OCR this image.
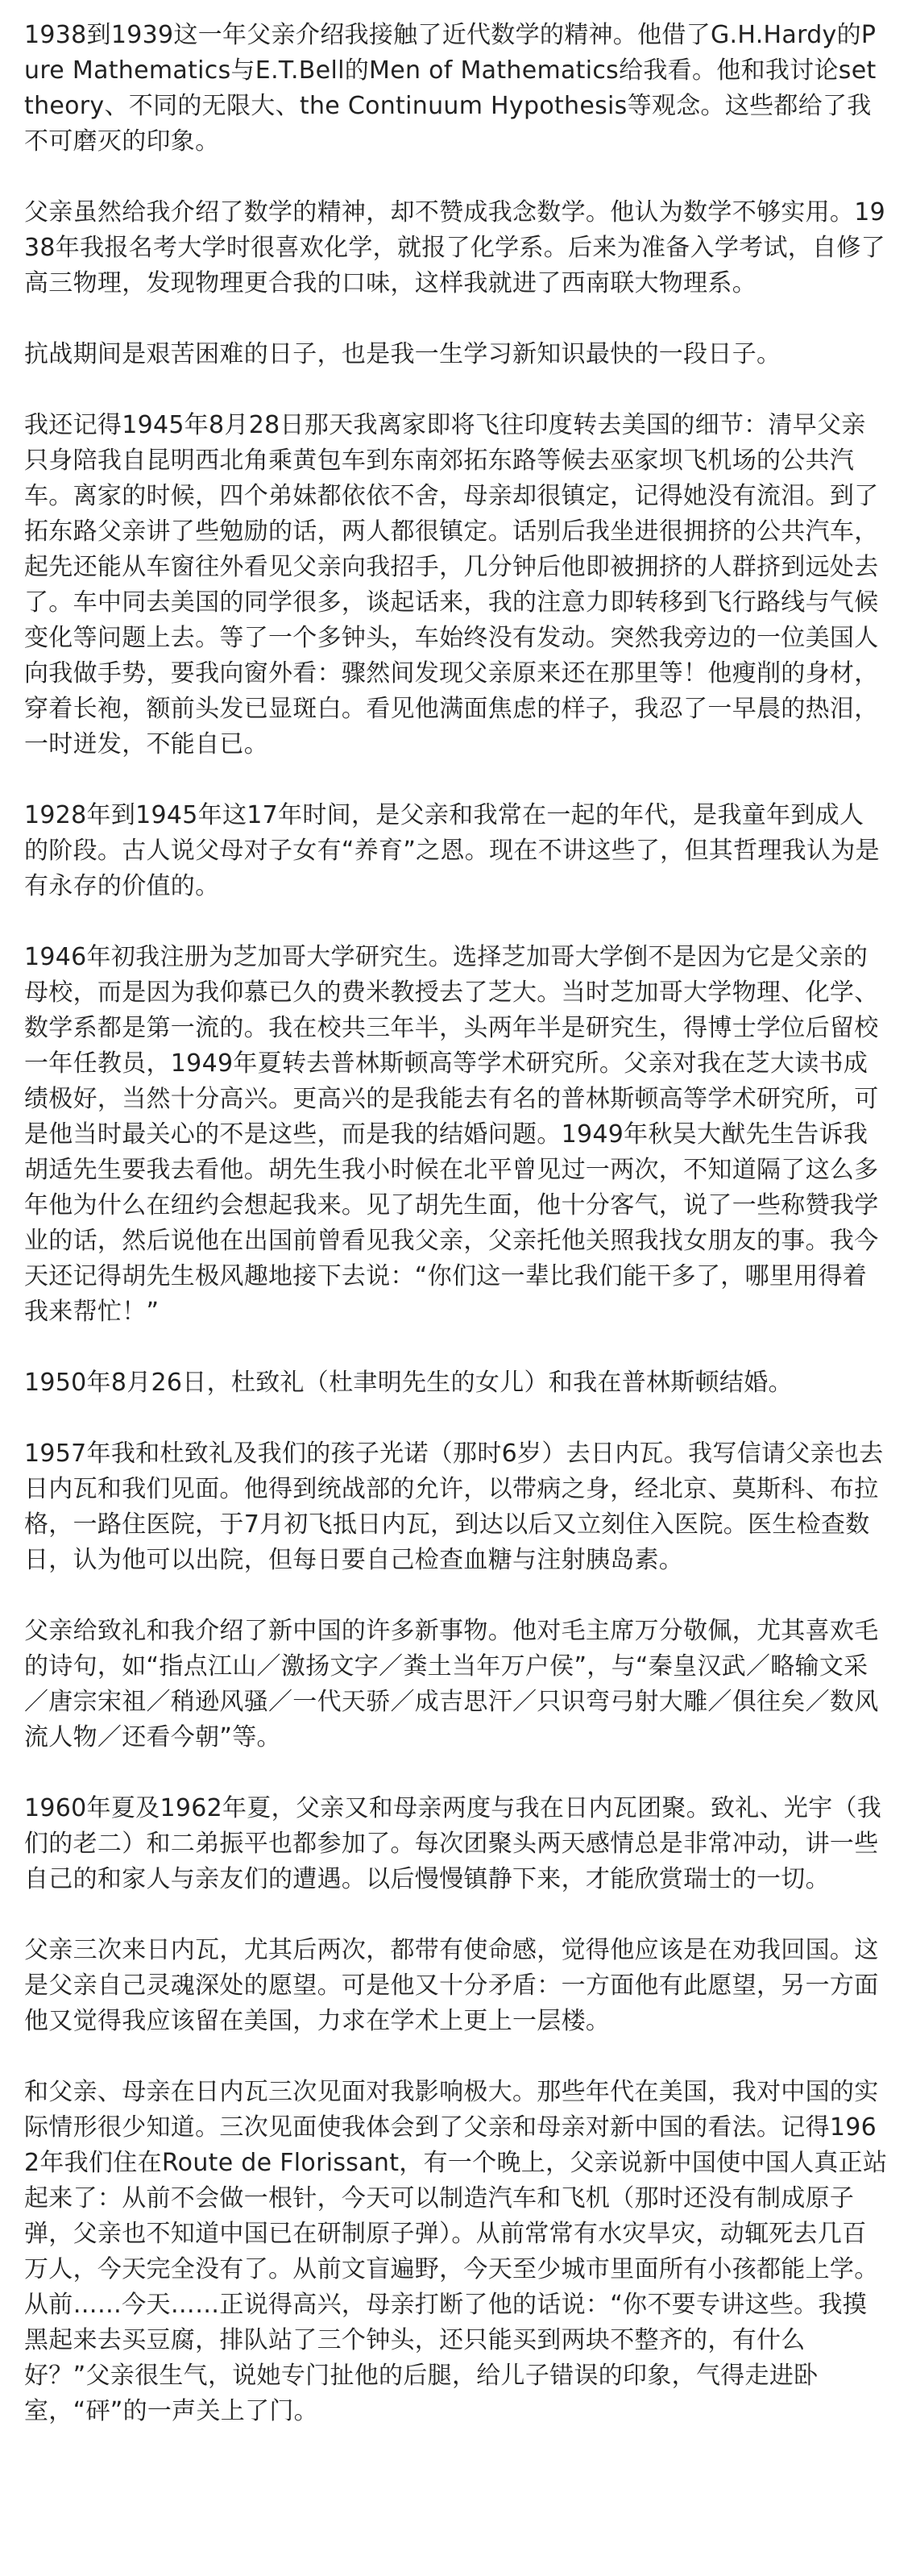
1938到1939这一年父亲介绍我接触了近代数学的精神。他借了G.H.Hardy的Pure Mathematics与E.T.Bell的Men of Mathematics给我看。他和我讨论set theory、不同的无限大、the Continuum Hypothesis等观念。这些都给了我不可磨灭的印象。

父亲虽然给我介绍了数学的精神，却不赞成我念数学。他认为数学不够实用。1938年我报名考大学时很喜欢化学，就报了化学系。后来为准备入学考试，自修了高三物理，发现物理更合我的口味，这样我就进了西南联大物理系。

抗战期间是艰苦困难的日子，也是我一生学习新知识最快的一段日子。

我还记得1945年8月28日那天我离家即将飞往印度转去美国的细节：清早父亲只身陪我自昆明西北角乘黄包车到东南郊拓东路等候去巫家坝飞机场的公共汽车。离家的时候，四个弟妹都依依不舍，母亲却很镇定，记得她没有流泪。到了拓东路父亲讲了些勉励的话，两人都很镇定。话别后我坐进很拥挤的公共汽车，起先还能从车窗往外看见父亲向我招手，几分钟后他即被拥挤的人群挤到远处去了。车中同去美国的同学很多，谈起话来，我的注意力即转移到飞行路线与气候变化等问题上去。等了一个多钟头，车始终没有发动。突然我旁边的一位美国人向我做手势，要我向窗外看：骤然间发现父亲原来还在那里等！他瘦削的身材，穿着长袍，额前头发已显斑白。看见他满面焦虑的样子，我忍了一早晨的热泪，一时迸发，不能自已。

1928年到1945年这17年时间，是父亲和我常在一起的年代，是我童年到成人的阶段。古人说父母对子女有“养育”之恩。现在不讲这些了，但其哲理我认为是有永存的价值的。

1946年初我注册为芝加哥大学研究生。选择芝加哥大学倒不是因为它是父亲的母校，而是因为我仰慕已久的费米教授去了芝大。当时芝加哥大学物理、化学、数学系都是第一流的。我在校共三年半，头两年半是研究生，得博士学位后留校一年任教员，1949年夏转去普林斯顿高等学术研究所。父亲对我在芝大读书成绩极好，当然十分高兴。更高兴的是我能去有名的普林斯顿高等学术研究所，可是他当时最关心的不是这些，而是我的结婚问题。1949年秋吴大猷先生告诉我胡适先生要我去看他。胡先生我小时候在北平曾见过一两次，不知道隔了这么多年他为什么在纽约会想起我来。见了胡先生面，他十分客气，说了一些称赞我学业的话，然后说他在出国前曾看见我父亲，父亲托他关照我找女朋友的事。我今天还记得胡先生极风趣地接下去说：“你们这一辈比我们能干多了，哪里用得着我来帮忙！”

1950年8月26日，杜致礼（杜聿明先生的女儿）和我在普林斯顿结婚。

1957年我和杜致礼及我们的孩子光诺（那时6岁）去日内瓦。我写信请父亲也去日内瓦和我们见面。他得到统战部的允许，以带病之身，经北京、莫斯科、布拉格，一路住医院，于7月初飞抵日内瓦，到达以后又立刻住入医院。医生检查数日，认为他可以出院，但每日要自己检查血糖与注射胰岛素。

父亲给致礼和我介绍了新中国的许多新事物。他对毛主席万分敬佩，尤其喜欢毛的诗句，如“指点江山／激扬文字／粪土当年万户侯”，与“秦皇汉武／略输文采／唐宗宋祖／稍逊风骚／一代天骄／成吉思汗／只识弯弓射大雕／俱往矣／数风流人物／还看今朝”等。

1960年夏及1962年夏，父亲又和母亲两度与我在日内瓦团聚。致礼、光宇（我们的老二）和二弟振平也都参加了。每次团聚头两天感情总是非常冲动，讲一些自己的和家人与亲友们的遭遇。以后慢慢镇静下来，才能欣赏瑞士的一切。

父亲三次来日内瓦，尤其后两次，都带有使命感，觉得他应该是在劝我回国。这是父亲自己灵魂深处的愿望。可是他又十分矛盾：一方面他有此愿望，另一方面他又觉得我应该留在美国，力求在学术上更上一层楼。

和父亲、母亲在日内瓦三次见面对我影响极大。那些年代在美国，我对中国的实际情形很少知道。三次见面使我体会到了父亲和母亲对新中国的看法。记得1962年我们住在Route de Florissant，有一个晚上，父亲说新中国使中国人真正站起来了：从前不会做一根针，今天可以制造汽车和飞机（那时还没有制成原子弹，父亲也不知道中国已在研制原子弹）。从前常常有水灾旱灾，动辄死去几百万人，今天完全没有了。从前文盲遍野，今天至少城市里面所有小孩都能上学。从前……今天……正说得高兴，母亲打断了他的话说：“你不要专讲这些。我摸黑起来去买豆腐，排队站了三个钟头，还只能买到两块不整齐的，有什么好？”父亲很生气，说她专门扯他的后腿，给儿子错误的印象，气得走进卧室，“砰”的一声关上了门。
